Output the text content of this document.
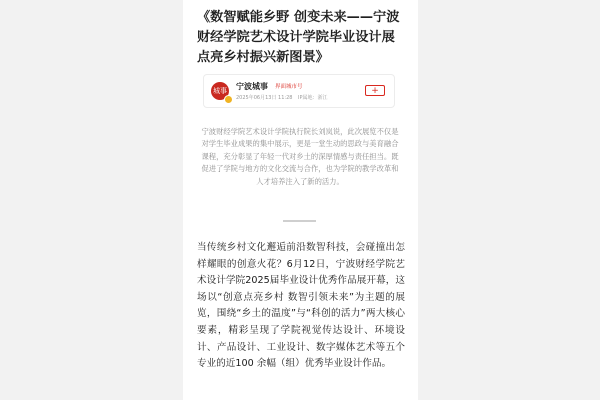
《数智赋能乡野 创变未来——宁波财经学院艺术设计学院毕业设计展点亮乡村振兴新图景》
城事 宁波城事 界面城市号
2025年06月13日 11:28 IP属地：浙江
+

宁波财经学院艺术设计学院执行院长刘岚说，此次展览不仅是对学生毕业成果的集中展示，更是一堂生动的思政与美育融合课程，充分彰显了年轻一代对乡土的深厚情感与责任担当。既促进了学院与地方的文化交流与合作，也为学院的教学改革和人才培养注入了新的活力。

当传统乡村文化邂逅前沿数智科技，会碰撞出怎样耀眼的创意火花？6月12日，宁波财经学院艺术设计学院2025届毕业设计优秀作品展开幕，这场以“创意点亮乡村 数智引领未来”为主题的展览，围绕“乡土的温度”与“科创的活力”两大核心要素，精彩呈现了学院视觉传达设计、环境设计、产品设计、工业设计、数字媒体艺术等五个专业的近100 余幅（组）优秀毕业设计作品。
